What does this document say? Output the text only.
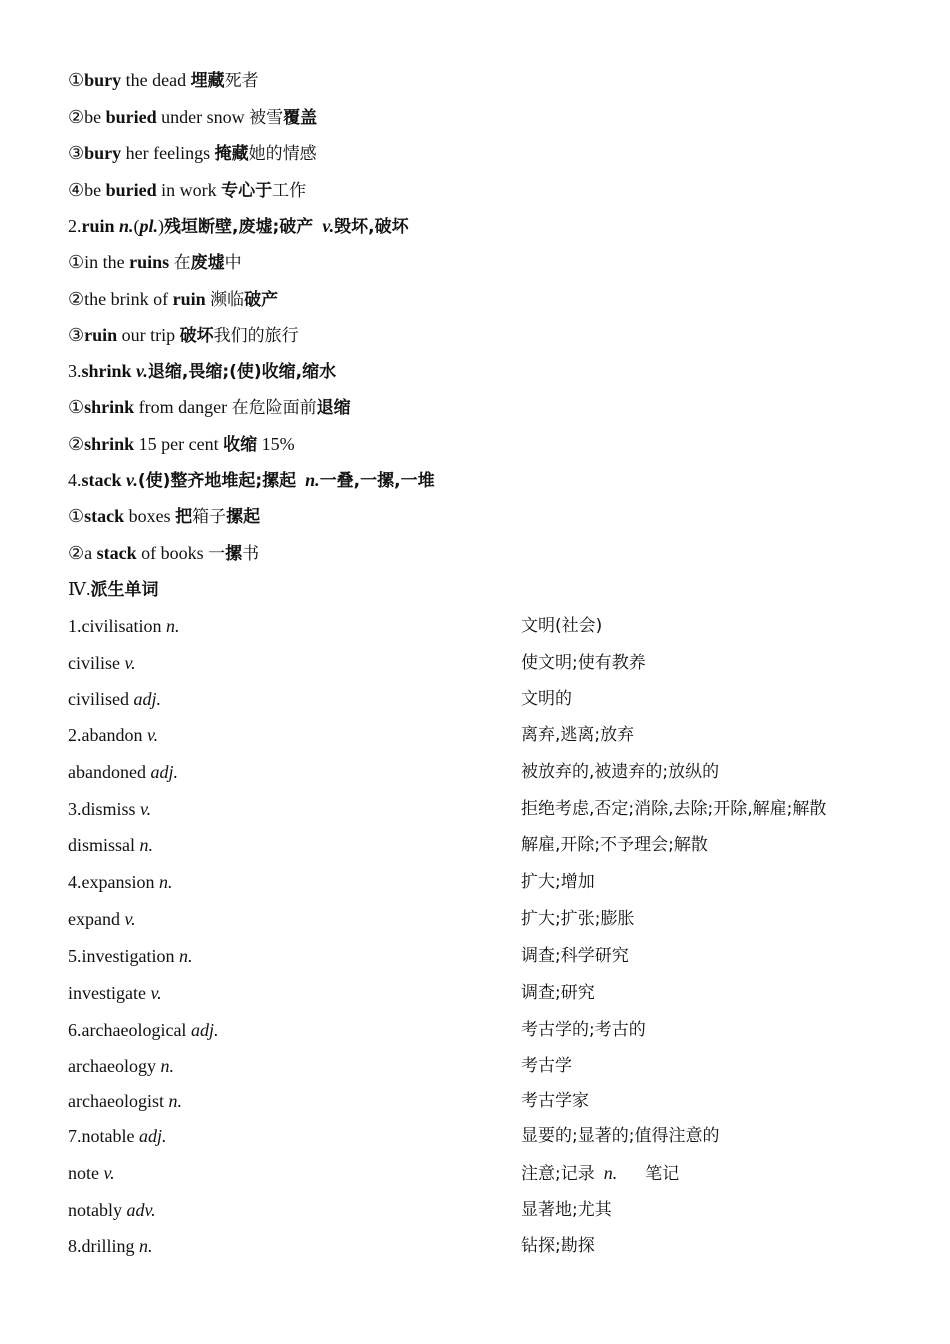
①bury the dead 埋藏死者
②be buried under snow 被雪覆盖
③bury her feelings 掩藏她的情感
④be buried in work 专心于工作
2.ruin n.(pl.)残垣断壁,废墟;破产 v.毁坏,破坏
①in the ruins 在废墟中
②the brink of ruin 濒临破产
③ruin our trip 破坏我们的旅行
3.shrink v.退缩,畏缩;(使)收缩,缩水
①shrink from danger 在危险面前退缩
②shrink 15 per cent 收缩 15%
4.stack v.(使)整齐地堆起;摞起 n.一叠,一摞,一堆
①stack boxes 把箱子摞起
②a stack of books 一摞书
Ⅳ.派生单词
1.civilisation n.	文明(社会)
civilise v.	使文明;使有教养
civilised adj.	文明的
2.abandon v.	离弃,逃离;放弃
abandoned adj.	被放弃的,被遗弃的;放纵的
3.dismiss v.	拒绝考虑,否定;消除,去除;开除,解雇;解散
dismissal n.	解雇,开除;不予理会;解散
4.expansion n.	扩大;增加
expand v.	扩大;扩张;膨胀
5.investigation n.	调查;科学研究
investigate v.	调查;研究
6.archaeological adj.	考古学的;考古的
archaeology n.	考古学
archaeologist n.	考古学家
7.notable adj.	显要的;显著的;值得注意的
note v.	注意;记录 n. 笔记
notably adv.	显著地;尤其
8.drilling n.	钻探;勘探
